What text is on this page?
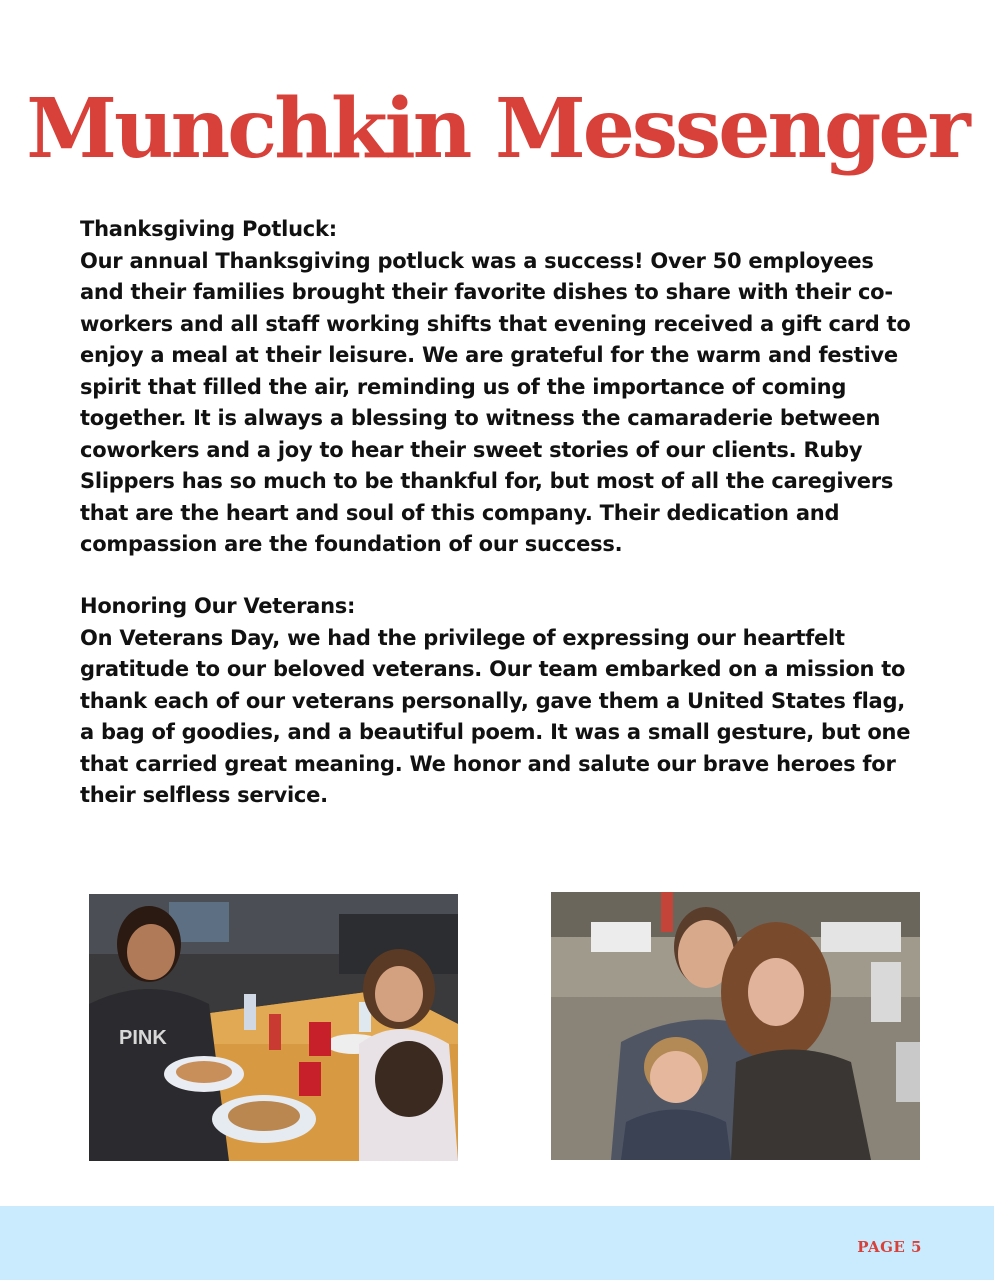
Munchkin Messenger
Thanksgiving Potluck:

Our annual Thanksgiving potluck was a success! Over 50 employees and their families brought their favorite dishes to share with their co-workers and all staff working shifts that evening received a gift card to enjoy a meal at their leisure. We are grateful for the warm and festive spirit that filled the air, reminding us of the importance of coming together. It is always a blessing to witness the camaraderie between coworkers and a joy to hear their sweet stories of our clients. Ruby Slippers has so much to be thankful for, but most of all the caregivers that are the heart and soul of this company. Their dedication and compassion are the foundation of our success.

Honoring Our Veterans:

On Veterans Day, we had the privilege of expressing our heartfelt gratitude to our beloved veterans. Our team embarked on a mission to thank each of our veterans personally, gave them a United States flag, a bag of goodies, and a beautiful poem. It was a small gesture, but one that carried great meaning. We honor and salute our brave heroes for their selfless service.

PINK
PAGE 5
